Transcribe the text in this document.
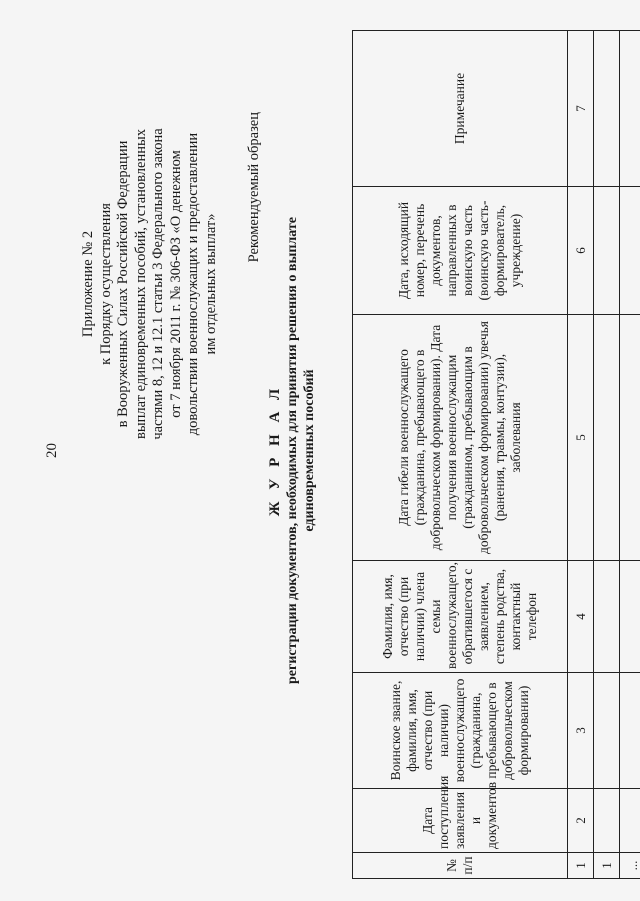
20
Приложение № 2 к Порядку осуществления в Вооруженных Силах Российской Федерации выплат единовременных пособий, установленных частями 8, 12 и 12.1 статьи 3 Федерального закона от 7 ноября 2011 г. № 306-ФЗ «О денежном довольствии военнослужащих и предоставлении им отдельных выплат»
Рекомендуемый образец
Ж У Р Н А Л регистрации документов, необходимых для принятия решения о выплате единовременных пособий
№ п/п	Дата поступления заявления и документов	Воинское звание, фамилия, имя, отчество (при наличии) военнослужащего (гражданина, пребывающего в добровольческом формировании)	Фамилия, имя, отчество (при наличии) члена семьи военнослужащего, обратившегося с заявлением, степень родства, контактный телефон	Дата гибели военнослужащего (гражданина, пребывающего в добровольческом формировании). Дата получения военнослужащим (гражданином, пребывающим в добровольческом формировании) увечья (ранения, травмы, контузии), заболевания	Дата, исходящий номер, перечень документов, направленных в воинскую часть (воинскую часть-формирователь, учреждение)	Примечание
1	2	3	4	5	6	7
1						
...						
